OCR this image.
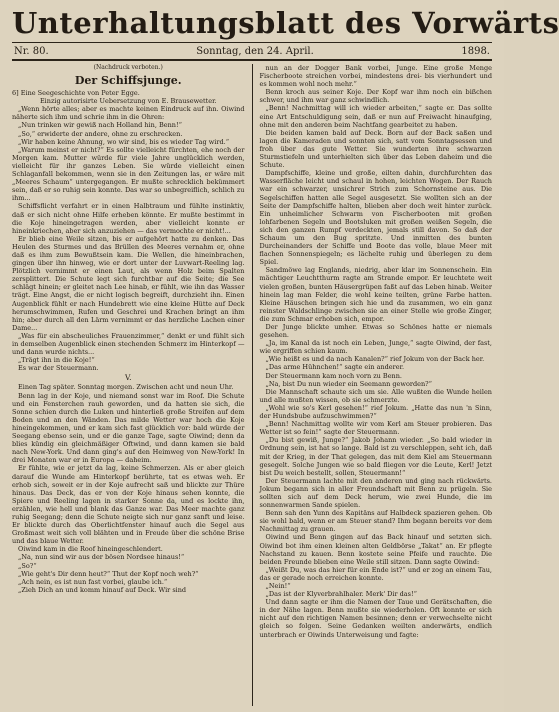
Unterhaltungsblatt des Vorwärts
Nr. 80.	Sonntag, den 24. April.	1898.
(Nachdruck verboten.)
Der Schiffsjunge.

6] Eine Seegeschichte von Peter Egge.

Einzig autorisirte Uebersetzung von E. Brausewetter.

„Wenn hörte alles; aber es machte keinen Eindruck auf ihn. Oiwind näherte sich ihm und schrie ihm in die Ohren:

„Nun trinken wir gewiß nach Holland hin, Benn!“

„So,“ erwiderte der andere, ohne zu erschrecken.

„Wir haben keine Ahnung, wo wir sind, bis es wieder Tag wird.“

„Warum meinst er nicht?“ Es sollte vielleicht fürchten, ehe noch der Morgen kam. Mutter würde für viele Jahre unglücklich werden, vielleicht für ihr ganzes Leben. Sie würde vielleicht einen Schlaganfall bekommen, wenn sie in den Zeitungen las, er wäre mit „Meeres Schaum“ untergegangen. Er mußte schrecklich bekümmert sein, daß er so ruhig sein konnte. Das war so unbegreiflich, schlich zu ihm...

Schiffsflicht verfahrt er in einen Halbtraum und fühlte instinktiv, daß er sich nicht ohne Hilfe erheben könnte. Er mußte bestimmt in die Koje hineingetragen werden, aber vielleicht konnte er hineinkriechen, aber sich anzuziehen — das vermochte er nicht!...

Er blieb eine Weile sitzen, bis er aufgehört hatte zu denken. Das Heulen des Sturmes und das Brüllen des Meeres vernahm er, ohne daß es ihm zum Bewußtsein kam. Die Wellen, die hineinbrachen, gingen über ihn hinweg, wie er dort unter der Luvwart-Reeling lag. Plötzlich vernimmt er einen Laut, als wenn Holz beim Spalten zersplittert. Die Schute legt sich furchtbar auf die Seite; die See schlägt hinein; er gleitet nach Lee hinab, er fühlt, wie ihn das Wasser trägt. Eine Angst, die er nicht logisch begreift, durchzieht ihn. Einen Augenblick fühlt er nach Hundebrett wie eine kleine Hütte auf Deck herumschwimmen, Rufen und Geschrei und Krachen bringt an ihm hin; aber durch all den Lärm vernimmt er das herzliche Lachen einer Dame...

„Was für ein abscheuliches Frauenzimmer,“ denkt er und fühlt sich in demselben Augenblick einen stechenden Schmerz im Hinterkopf — und dann wurde nichts...

„Trägt ihn in die Koje!“

Es war der Steuermann.

V.

Einen Tag später. Sonntag morgen. Zwischen acht und neun Uhr.

Benn lag in der Koje, und niemand sonst war im Roof. Die Schute und ein Fensterchen rauh geworden, und da hatten sie sich, die Sonne schien durch die Luken und hinterließ große Streifen auf dem Boden und an den Wänden. Das milde Wetter war hoch die Koje hineingekommen, und er kam sich fast glücklich vor: bald würde der Seegang ebenso sein, und er die ganze Tage, sagte Oiwind; denn da blies kündig ein gleichmäßiger Oftwind, und dann kamen sie bald nach New-York. Und dann ging's auf den Heimweg von New-York! In drei Monaten war er in Europa — daheim.

Er fühlte, wie er jetzt da lag, keine Schmerzen. Als er aber gleich darauf die Wunde am Hinterkopf berührte, tat es etwas weh. Er erhob sich, soweit er in der Koje aufrecht saß und blickte zur Thüre hinaus. Das Deck, das er von der Koje hinaus sehen konnte, die Spiere und Reeling lagen in starker Sonne da, und es lockte ihn, erzählen, wie hell und blank das Ganze war. Das Meer machte ganz ruhig Seegang; denn die Schute neigte sich nur ganz sanft und leise. Er blickte durch das Oberlichtfenster hinauf auch die Segel aus Großmast weit sich voll blähten und in Freude über die schöne Brise und das blaue Wetter.

Oiwind kam in die Roof hineingeschlendert.

„Na, nun sind wir aus der bösen Nordsee hinaus!“

„So?“

„Wie geht's Dir denn heut?“ Thut der Kopf noch weh?“

„Ach nein, es ist nun fast vorbei, glaube ich.“

„Zieh Dich an und komm hinauf auf Deck. Wir sind

nun an der Dogger Bank vorbei, Junge. Eine große Menge Fischerboote streichen vorbei, mindestens drei- bis vierhundert und es kommen wohl noch mehr.“

Benn kroch aus seiner Koje. Der Kopf war ihm noch ein bißchen schwer, und ihm war ganz schwindlich.

„Benn! Nachmittag will ich wieder arbeiten,“ sagte er. Das sollte eine Art Entschuldigung sein, daß er nun auf Freiwacht hinaufging, ohne mit den anderen beim Nachtfang gearbeitet zu haben.

Die beiden kamen bald auf Deck. Born auf der Back saßen und lagen die Kameraden und sonnten sich, satt vom Sonntagsessen und froh über das gute Wetter. Sie wunderten ihre schwarzen Sturmstiefeln und unterhielten sich über das Leben daheim und die Schute.

Dampfschiffe, kleine und große, eilten dahin, durchfurchten das Wasserfläche leicht und schaul in hohen, leichten Wogen. Der Rauch war ein schwarzer, unsichrer Strich zum Schornsteine aus. Die Segelschiffen hatten alle Segel ausgesetzt. Sie wollten sich an der Seite der Dampfschiffe halten, blieben aber doch weit hinter zurück. Ein unheimlicher Schwarm von Fischerbooten mit großen lohfarbenen Segeln und Bootsluken mit großen weißen Segeln, die sich den ganzen Rumpf verdeckten, jemals still davon. So daß der Schaum um den Bug spritzte. Und inmitten des bunten Durcheinanders der Schiffe und Boote das volle, blaue Meer mit flachen Sonnenspiegeln; es lächelte ruhig und überlegen zu dem Spiel.

Sandmöwe lag Englands, niedrig, aber klar im Sonnenschein. Ein mächtiger Leuchtthurm ragte am Strande empor. Er leuchtete weit vielen großen, bunten Häusergrüpen faßt auf das Leben hinab. Weiter hinein lag man Felder, die wohl keine teilten, grüne Farbe hatten. Kleine Häuschen bringen sich hie und da zusammen, wo ein ganz reinster Waldschlinge zwischen sie an einer Stelle wie große Zinger, die zum Schmar erhoben sich, empor.

Der Junge blickte umher. Etwas so Schönes hatte er niemals gesehen.

„Ja, im Kanal da ist noch ein Leben, Junge,“ sagte Oiwind, der fast, wie ergriffen schien kaum.

„Wie heißt es und da nach Kanalen?“ rief Jokum von der Back her.

„Das arme Hühnchen!“ sagte ein anderer.

Der Steuermann kam noch vorn zu Benn.

„Na, bist Du nun wieder ein Seemann geworden?“

Die Mannschaft schaute sich um sie. Alle wußten die Wunde heilen und alle mußten wissen, ob sie schmerzte.

„Wohl wie so's Kerl gesehen!“ rief Jokum. „Hatte das nun 'n Sinn, der Hundsbube aufzuschwimmen?“

„Benn! Nachmittag wollte wir vom Kerl am Steuer probieren. Das Wetter ist so fein!“ sagte der Steuermann.

„Du bist gewiß, Junge?“ Jakob Johann wieder. „So bald wieder in Ordnung sein, ist hat so lange. Bald ist zu verschleppen, seht ich, daß mit der Krieg, in der That gelegen, das mit dem Kiel am Steuermann gesegelt. Solche Jungen wie so bald fliegen vor die Leute, Kerl! Jetzt bist Du weich bestellt, sollen, Steuermann!“

Der Steuermann lachte mit den anderen und ging nach rückwärts. Jokum begann sich in aller Freundschaft mit Benn zu prügeln. Sie sollten sich auf dem Deck herum, wie zwei Hunde, die im sonnenwarmen Sande spielen.

Benn sah den Yunn des Kapitäns auf Halbdeck spazieren gehen. Ob sie wohl bald, wenn er am Steuer stand? Ihm begann bereits vor dem Nachmittag zu grauen.

Oiwind und Benn gingen auf das Back hinauf und setzten sich. Oiwind bot ihm einen kleinen alten Geldbörse „Takat“ an. Er pflegte Nachstand zu kauen. Benn kostete seine Pfeife und rauchte. Die beiden Freunde blieben eine Weile still sitzen. Dann sagte Oiwind:

„Weißt Du, was das hier für ein Ende ist?“ und er zog an einem Tau, das er gerade noch erreichen konnte.

„Nein!“

„Das ist der Klyverbrahlhaler. Merk' Dir das!“

Und dann sagte er ihm die Namen der Taue und Gerätschaften, die in der Nähe lagen. Benn mußte sie wiederholen. Oft konnte er sich nicht auf den richtigen Namen besinnen; denn er verwechselte nicht gleich so folgen. Seine Gedanken weilten anderwärts, endlich unterbrach er Oiwinds Unterweisung und fagte:
